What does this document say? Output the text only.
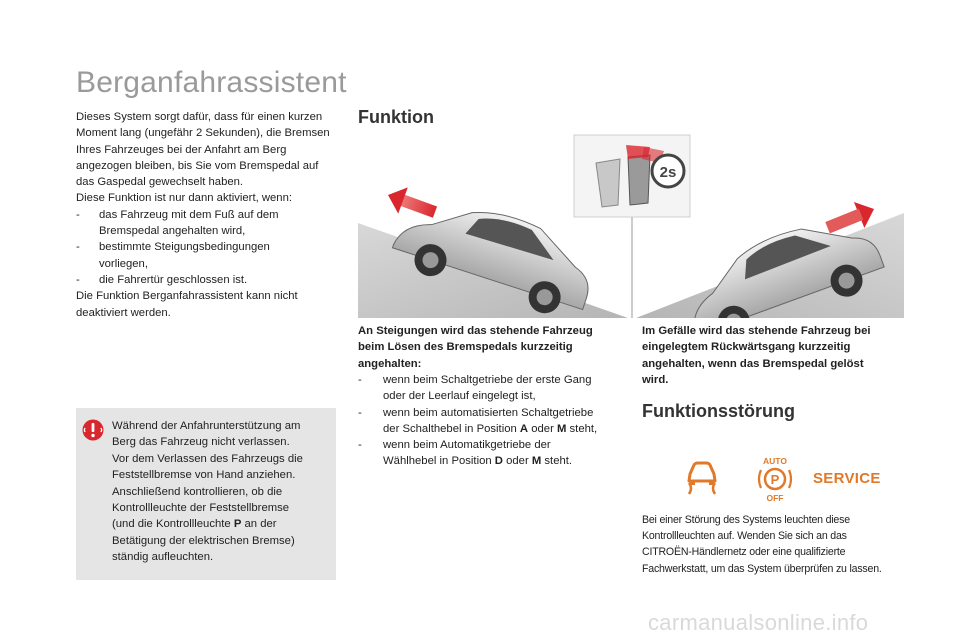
Berganfahrassistent
Dieses System sorgt dafür, dass für einen kurzen
Moment lang (ungefähr 2 Sekunden), die Bremsen
Ihres Fahrzeuges bei der Anfahrt am Berg
angezogen bleiben, bis Sie vom Bremspedal auf
das Gaspedal gewechselt haben.
Diese Funktion ist nur dann aktiviert, wenn:
-	das Fahrzeug mit dem Fuß auf dem
Bremspedal angehalten wird,
-	bestimmte Steigungsbedingungen
vorliegen,
-	die Fahrertür geschlossen ist.
Die Funktion Berganfahrassistent kann nicht
deaktiviert werden.
Während der Anfahrunterstützung am
Berg das Fahrzeug nicht verlassen.
Vor dem Verlassen des Fahrzeugs die
Feststellbremse von Hand anziehen.
Anschließend kontrollieren, ob die
Kontrollleuchte der Feststellbremse
(und die Kontrollleuchte P an der
Betätigung der elektrischen Bremse)
ständig aufleuchten.
Funktion
2s
An Steigungen wird das stehende Fahrzeug
beim Lösen des Bremspedals kurzzeitig
angehalten:
-	wenn beim Schaltgetriebe der erste Gang
oder der Leerlauf eingelegt ist,
-	wenn beim automatisierten Schaltgetriebe
der Schalthebel in Position A oder M steht,
-	wenn beim Automatikgetriebe der
Wählhebel in Position D oder M steht.
Im Gefälle wird das stehende Fahrzeug bei
eingelegtem Rückwärtsgang kurzzeitig
angehalten, wenn das Bremspedal gelöst
wird.
Funktionsstörung
AUTO
P
OFF
SERVICE
Bei einer Störung des Systems leuchten diese
Kontrollleuchten auf. Wenden Sie sich an das
CITROËN-Händlernetz oder eine qualifizierte
Fachwerkstatt, um das System überprüfen zu lassen.
carmanualsonline.info
